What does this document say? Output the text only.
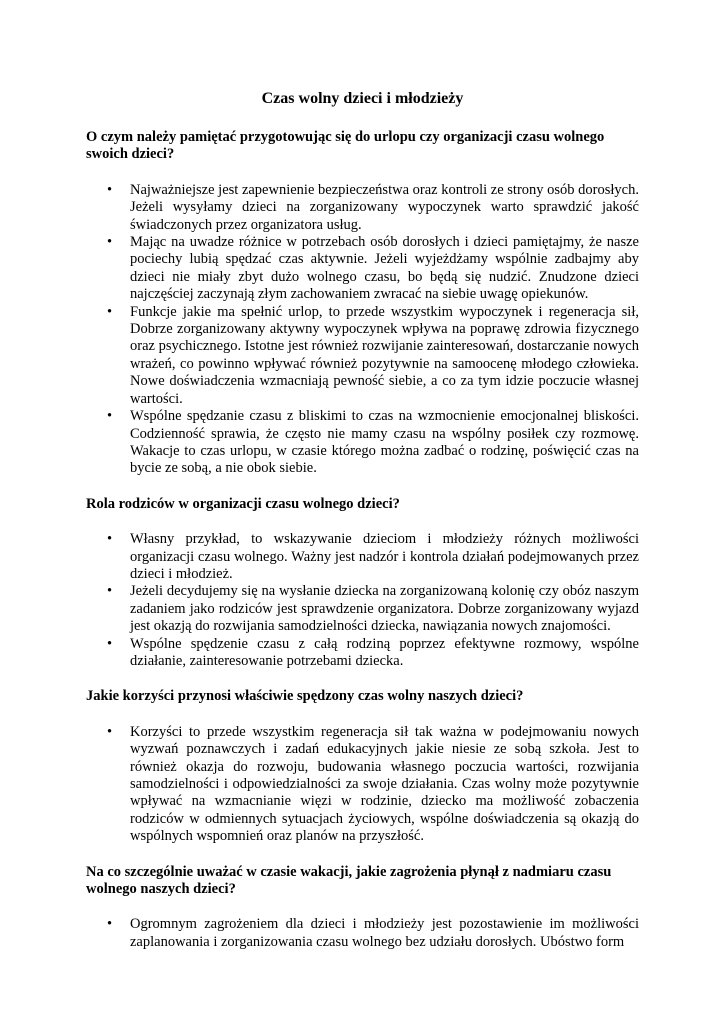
Czas wolny dzieci i młodzieży
O czym należy pamiętać przygotowując się do urlopu czy organizacji czasu wolnego swoich dzieci?
• Najważniejsze jest zapewnienie bezpieczeństwa oraz kontroli ze strony osób dorosłych. Jeżeli wysyłamy dzieci na zorganizowany wypoczynek warto sprawdzić jakość świadczonych przez organizatora usług.
• Mając na uwadze różnice w potrzebach osób dorosłych i dzieci pamiętajmy, że nasze pociechy lubią spędzać czas aktywnie. Jeżeli wyjeżdżamy wspólnie zadbajmy aby dzieci nie miały zbyt dużo wolnego czasu, bo będą się nudzić. Znudzone dzieci najczęściej zaczynają złym zachowaniem zwracać na siebie uwagę opiekunów.
• Funkcje jakie ma spełnić urlop, to przede wszystkim wypoczynek i regeneracja sił, Dobrze zorganizowany aktywny wypoczynek wpływa na poprawę zdrowia fizycznego oraz psychicznego. Istotne jest również rozwijanie zainteresowań, dostarczanie nowych wrażeń, co powinno wpływać również pozytywnie na samoocenę młodego człowieka. Nowe doświadczenia wzmacniają pewność siebie, a co za tym idzie poczucie własnej wartości.
• Wspólne spędzanie czasu z bliskimi to czas na wzmocnienie emocjonalnej bliskości. Codzienność sprawia, że często nie mamy czasu na wspólny posiłek czy rozmowę. Wakacje to czas urlopu, w czasie którego można zadbać o rodzinę, poświęcić czas na bycie ze sobą, a nie obok siebie.
Rola rodziców w organizacji czasu wolnego dzieci?
• Własny przykład, to wskazywanie dzieciom i młodzieży różnych możliwości organizacji czasu wolnego. Ważny jest nadzór i kontrola działań podejmowanych przez dzieci i młodzież.
• Jeżeli decydujemy się na wysłanie dziecka na zorganizowaną kolonię czy obóz naszym zadaniem jako rodziców jest sprawdzenie organizatora. Dobrze zorganizowany wyjazd jest okazją do rozwijania samodzielności dziecka, nawiązania nowych znajomości.
• Wspólne spędzenie czasu z całą rodziną poprzez efektywne rozmowy, wspólne działanie, zainteresowanie potrzebami dziecka.
Jakie korzyści przynosi właściwie spędzony czas wolny naszych dzieci?
• Korzyści to przede wszystkim regeneracja sił tak ważna w podejmowaniu nowych wyzwań poznawczych i zadań edukacyjnych jakie niesie ze sobą szkoła. Jest to również okazja do rozwoju, budowania własnego poczucia wartości, rozwijania samodzielności i odpowiedzialności za swoje działania. Czas wolny może pozytywnie wpływać na wzmacnianie więzi w rodzinie, dziecko ma możliwość zobaczenia rodziców w odmiennych sytuacjach życiowych, wspólne doświadczenia są okazją do wspólnych wspomnień oraz planów na przyszłość.
Na co szczególnie uważać w czasie wakacji, jakie zagrożenia płynął z nadmiaru czasu wolnego naszych dzieci?
• Ogromnym zagrożeniem dla dzieci i młodzieży jest pozostawienie im możliwości zaplanowania i zorganizowania czasu wolnego bez udziału dorosłych. Ubóstwo form
